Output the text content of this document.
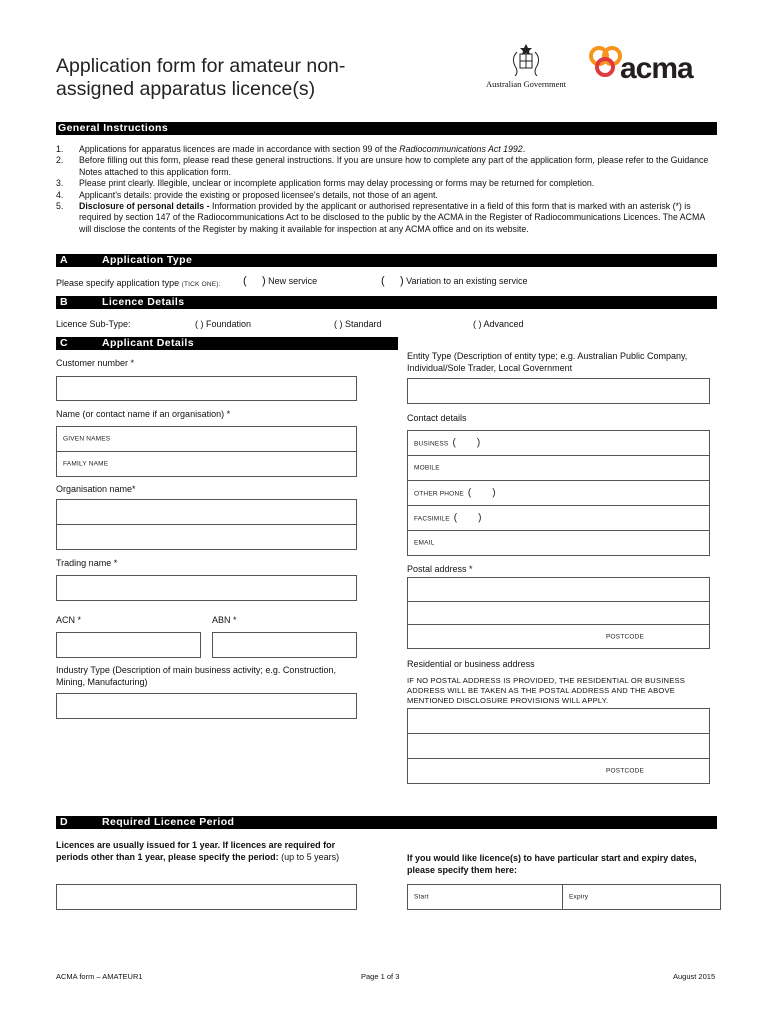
Application form for amateur non-assigned apparatus licence(s)	Australian Government acma
General Instructions
1. Applications for apparatus licences are made in accordance with section 99 of the Radiocommunications Act 1992.
2. Before filling out this form, please read these general instructions. If you are unsure how to complete any part of the application form, please refer to the Guidance Notes attached to this application form.
3. Please print clearly. Illegible, unclear or incomplete application forms may delay processing or forms may be returned for completion.
4. Applicant's details: provide the existing or proposed licensee's details, not those of an agent.
5. Disclosure of personal details - Information provided by the applicant or authorised representative in a field of this form that is marked with an asterisk (*) is required by section 147 of the Radiocommunications Act to be disclosed to the public by the ACMA in the Register of Radiocommunications Licences. The ACMA will disclose the contents of the Register by making it available for inspection at any ACMA office and on its website.
A	Application Type
Please specify application type (TICK ONE): (     ) New service	(     ) Variation to an existing service
B	Licence Details
Licence Sub-Type:	( ) Foundation	( ) Standard	( ) Advanced
C	Applicant Details
Customer number *
Entity Type (Description of entity type; e.g. Australian Public Company, Individual/Sole Trader, Local Government
Name (or contact name if an organisation) *
GIVEN NAMES
FAMILY NAME
Contact details
BUSINESS (       )
MOBILE
OTHER PHONE (       )
FACSIMILE (       )
EMAIL
Organisation name*
Trading name *
Postal address *
POSTCODE
ACN *	ABN *
Industry Type (Description of main business activity; e.g. Construction, Mining, Manufacturing)
Residential or business address
IF NO POSTAL ADDRESS IS PROVIDED, THE RESIDENTIAL OR BUSINESS ADDRESS WILL BE TAKEN AS THE POSTAL ADDRESS AND THE ABOVE MENTIONED DISCLOSURE PROVISIONS WILL APPLY.
POSTCODE
D	Required Licence Period
Licences are usually issued for 1 year. If licences are required for periods other than 1 year, please specify the period: (up to 5 years)	If you would like licence(s) to have particular start and expiry dates, please specify them here:
Start	Expiry
ACMA form – AMATEUR1	Page 1 of 3	August 2015
